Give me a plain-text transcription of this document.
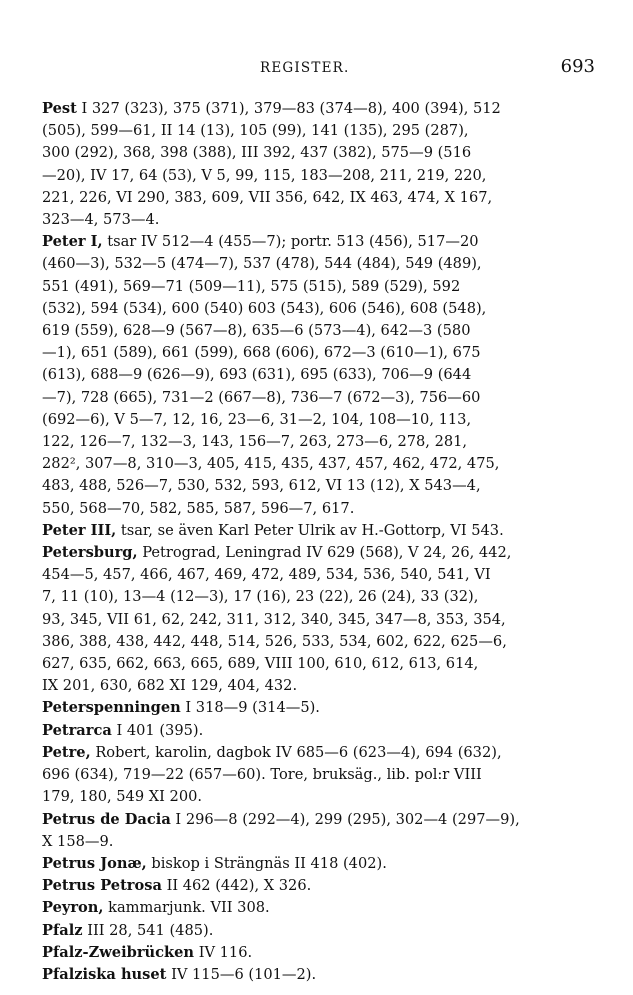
REGISTER.	693

Pest I 327 (323), 375 (371), 379—83 (374—8), 400 (394), 512
(505), 599—61, II 14 (13), 105 (99), 141 (135), 295 (287),
300 (292), 368, 398 (388), III 392, 437 (382), 575—9 (516
—20), IV 17, 64 (53), V 5, 99, 115, 183—208, 211, 219, 220,
221, 226, VI 290, 383, 609, VII 356, 642, IX 463, 474, X 167,
323—4, 573—4.

Peter I, tsar IV 512—4 (455—7); portr. 513 (456), 517—20
(460—3), 532—5 (474—7), 537 (478), 544 (484), 549 (489),
551 (491), 569—71 (509—11), 575 (515), 589 (529), 592
(532), 594 (534), 600 (540) 603 (543), 606 (546), 608 (548),
619 (559), 628—9 (567—8), 635—6 (573—4), 642—3 (580
—1), 651 (589), 661 (599), 668 (606), 672—3 (610—1), 675
(613), 688—9 (626—9), 693 (631), 695 (633), 706—9 (644
—7), 728 (665), 731—2 (667—8), 736—7 (672—3), 756—60
(692—6), V 5—7, 12, 16, 23—6, 31—2, 104, 108—10, 113,
122, 126—7, 132—3, 143, 156—7, 263, 273—6, 278, 281,
282², 307—8, 310—3, 405, 415, 435, 437, 457, 462, 472, 475,
483, 488, 526—7, 530, 532, 593, 612, VI 13 (12), X 543—4,
550, 568—70, 582, 585, 587, 596—7, 617.

Peter III, tsar, se även Karl Peter Ulrik av H.-Gottorp, VI 543.

Petersburg, Petrograd, Leningrad IV 629 (568), V 24, 26, 442,
454—5, 457, 466, 467, 469, 472, 489, 534, 536, 540, 541, VI
7, 11 (10), 13—4 (12—3), 17 (16), 23 (22), 26 (24), 33 (32),
93, 345, VII 61, 62, 242, 311, 312, 340, 345, 347—8, 353, 354,
386, 388, 438, 442, 448, 514, 526, 533, 534, 602, 622, 625—6,
627, 635, 662, 663, 665, 689, VIII 100, 610, 612, 613, 614,
IX 201, 630, 682 XI 129, 404, 432.

Peterspenningen I 318—9 (314—5).

Petrarca I 401 (395).

Petre, Robert, karolin, dagbok IV 685—6 (623—4), 694 (632),
696 (634), 719—22 (657—60). Tore, bruksäg., lib. pol:r VIII
179, 180, 549 XI 200.

Petrus de Dacia I 296—8 (292—4), 299 (295), 302—4 (297—9),
X 158—9.

Petrus Jonæ, biskop i Strängnäs II 418 (402).

Petrus Petrosa II 462 (442), X 326.

Peyron, kammarjunk. VII 308.

Pfalz III 28, 541 (485).

Pfalz-Zweibrücken IV 116.

Pfalziska huset IV 115—6 (101—2).
